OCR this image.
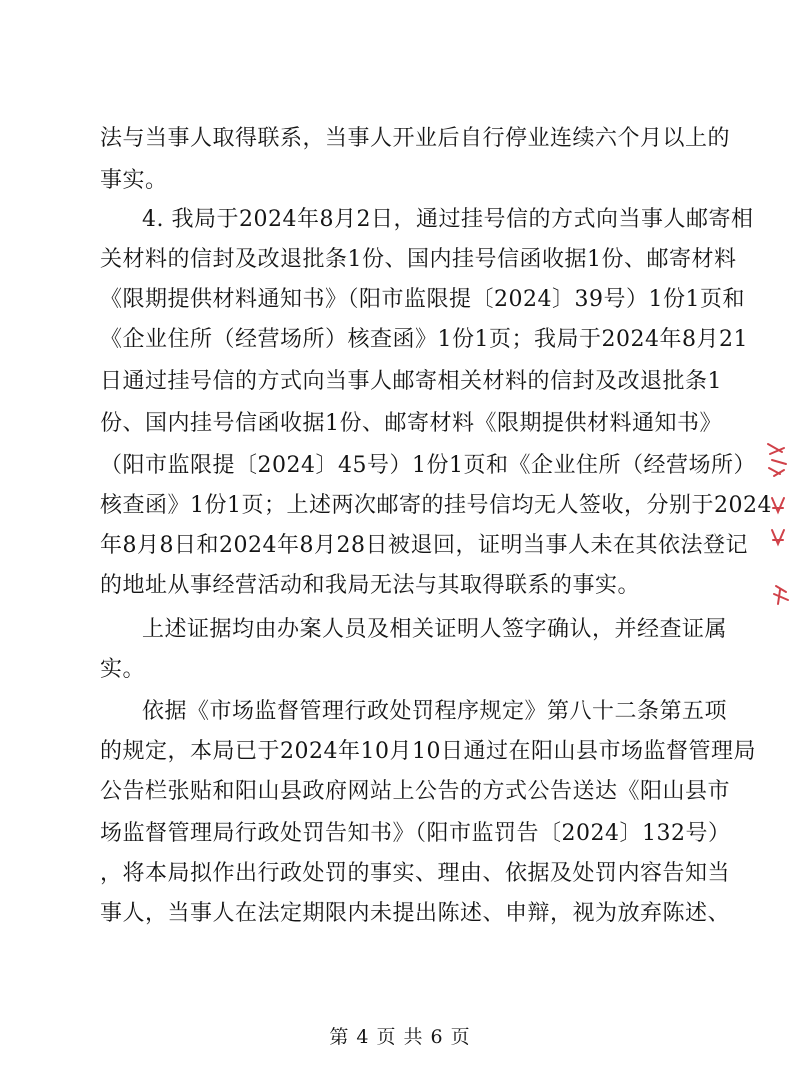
法与当事人取得联系，当事人开业后自行停业连续六个月以上的
事实。
4. 我局于2024年8月2日，通过挂号信的方式向当事人邮寄相
关材料的信封及改退批条1份、国内挂号信函收据1份、邮寄材料
《限期提供材料通知书》（阳市监限提〔2024〕39号）1份1页和
《企业住所（经营场所）核查函》1份1页；我局于2024年8月21
日通过挂号信的方式向当事人邮寄相关材料的信封及改退批条1
份、国内挂号信函收据1份、邮寄材料《限期提供材料通知书》
（阳市监限提〔2024〕45号）1份1页和《企业住所（经营场所）
核查函》1份1页；上述两次邮寄的挂号信均无人签收，分别于2024
年8月8日和2024年8月28日被退回，证明当事人未在其依法登记
的地址从事经营活动和我局无法与其取得联系的事实。
上述证据均由办案人员及相关证明人签字确认，并经查证属
实。
依据《市场监督管理行政处罚程序规定》第八十二条第五项
的规定，本局已于2024年10月10日通过在阳山县市场监督管理局
公告栏张贴和阳山县政府网站上公告的方式公告送达《阳山县市
场监督管理局行政处罚告知书》（阳市监罚告〔2024〕132号）
，将本局拟作出行政处罚的事实、理由、依据及处罚内容告知当
事人，当事人在法定期限内未提出陈述、申辩，视为放弃陈述、
第 4 页 共 6 页
